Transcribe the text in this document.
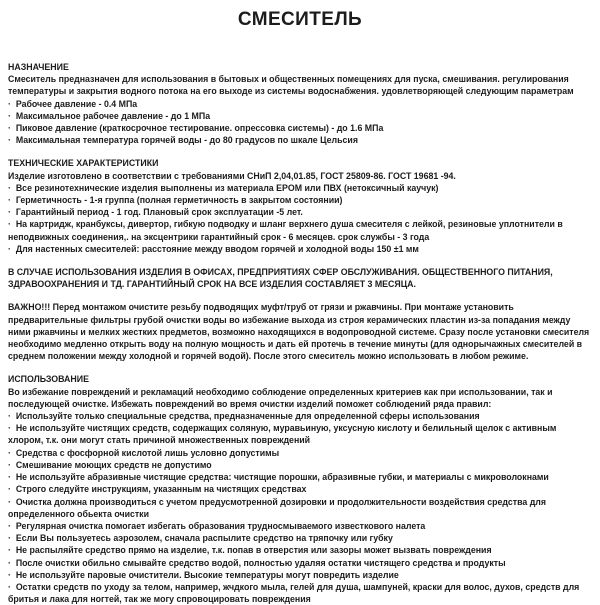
СМЕСИТЕЛЬ
НАЗНАЧЕНИЕ

Смеситель предназначен для использования в бытовых и общественных помещениях для пуска, смешивания. регулирования температуры и закрытия водного потока на его выходе из системы водоснабжения. удовлетворяющей следующим параметрам

·  Рабочее давление - 0.4 МПа
·  Максимальное рабочее давление - до 1 МПа
·  Пиковое давление (краткосрочное тестирование. опрессовка системы) - до 1.6 МПа
·  Максимальная температура горячей воды - до 80 градусов по шкале Цельсия
ТЕХНИЧЕСКИЕ ХАРАКТЕРИСТИКИ

Изделие изготовлено в соответствии с требованиями СНиП 2,04,01.85, ГОСТ 25809-86. ГОСТ 19681 -94.

·  Все резинотехнические изделия выполнены из материала EPOM или ПВХ (нетоксичный каучук)
·  Герметичность - 1-я группа (полная герметичность в закрытом состоянии)
·  Гарантийный период - 1 год. Плановый срок эксплуатации -5 лет.
·  На картридж, кранбуксы, дивертор, гибкую подводку и шланг верхнего душа смесителя с лейкой, резиновые уплотнители в неподвижных соединения,. на эксцентрики гарантийный срок - 6 месяцев. срок службы - 3 года
·  Для настенных смесителей: расстояние между вводом горячей и холодной воды 150 ±1 мм

В СЛУЧАЕ ИСПОЛЬЗОВАНИЯ ИЗДЕЛИЯ В ОФИСАХ, ПРЕДПРИЯТИЯХ СФЕР ОБСЛУЖИВАНИЯ. ОБЩЕСТВЕННОГО ПИТАНИЯ, ЗДРАВООХРАНЕНИЯ И ТД. ГАРАНТИЙНЫЙ СРОК НА ВСЕ ИЗДЕЛИЯ СОСТАВЛЯЕТ 3 МЕСЯЦА.

ВАЖНО!!! Перед монтажом очистите резьбу подводящих муфт/труб от грязи и ржавчины. При монтаже установить предварительные фильтры грубой очистки воды во избежание выхода из строя керамических пластин из-за попадания между ними ржавчины и мелких жестких предметов, возможно находящихся в водопроводной системе. Сразу после установки смесителя необходимо медленно открыть воду на полную мощность и дать ей протечь в течение минуты (для однорычажных смесителей в среднем положении между холодной и горячей водой). После этого смеситель можно использовать в любом режиме.

ИСПОЛЬЗОВАНИЕ

Во избежание повреждений и рекламаций необходимо соблюдение определенных критериев как при использовании, так и последующей очистке. Избежать повреждений во время очистки изделий поможет соблюдений ряда правил:

·  Используйте только специальные средства, предназначенные для определенной сферы использования
·  Не используйте чистящих средств, содержащих соляную, муравьиную, уксусную кислоту и белильный щелок с активным хлором, т.к. они могут стать причиной множественных повреждений
·  Средства с фосфорной кислотой лишь условно допустимы
·  Смешивание моющих средств не допустимо
·  Не используйте абразивные чистящие средства: чистящие порошки, абразивные губки, и материалы с микроволокнами
·  Строго следуйте инструкциям, указанным на чистящих средствах
·  Очистка должна производиться с учетом предусмотренной дозировки и продолжительности воздействия средства для определенного обьекта очистки
·  Регулярная очистка помогает избегать образования трудносмываемого известкового налета
·  Если Вы пользуетесь аэрозолем, сначала распылите средство на тряпочку или губку
·  Не распыляйте средство прямо на изделие, т.к. попав в отверстия или зазоры может вызвать повреждения
·  После очистки обильно смывайте средство водой, полностью удаляя остатки чистящего средства и продукты
·  Не используйте паровые очистители. Высокие температуры могут повредить изделие
·  Остатки средств по уходу за телом, например, жчдкого мыла, гелей для душа, шампуней, краски для волос, духов, средств для бритья и лака для ногтей, так же могу спровоцировать повреждения
